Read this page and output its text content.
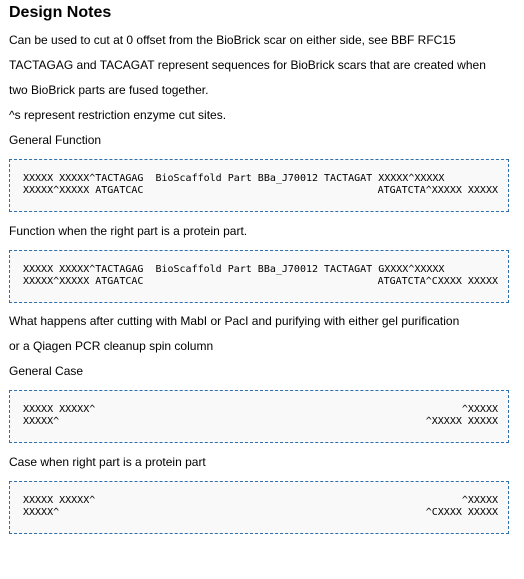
Design Notes

Can be used to cut at 0 offset from the BioBrick scar on either side, see BBF RFC15

TACTAGAG and TACAGAT represent sequences for BioBrick scars that are created when

two BioBrick parts are fused together.

^s represent restriction enzyme cut sites.

General Function

XXXXX XXXXX^TACTAGAG  BioScaffold Part BBa_J70012 TACTAGAT XXXXX^XXXXX
XXXXX^XXXXX ATGATCAC	ATGATCTA^XXXXX XXXXX

Function when the right part is a protein part.

XXXXX XXXXX^TACTAGAG  BioScaffold Part BBa_J70012 TACTAGAT GXXXX^XXXXX
XXXXX^XXXXX ATGATCAC	ATGATCTA^CXXXX XXXXX

What happens after cutting with MabI or PacI and purifying with either gel purification

or a Qiagen PCR cleanup spin column

General Case

XXXXX XXXXX^	^XXXXX
XXXXX^	^XXXXX XXXXX

Case when right part is a protein part

XXXXX XXXXX^	^XXXXX
XXXXX^	^CXXXX XXXXX
